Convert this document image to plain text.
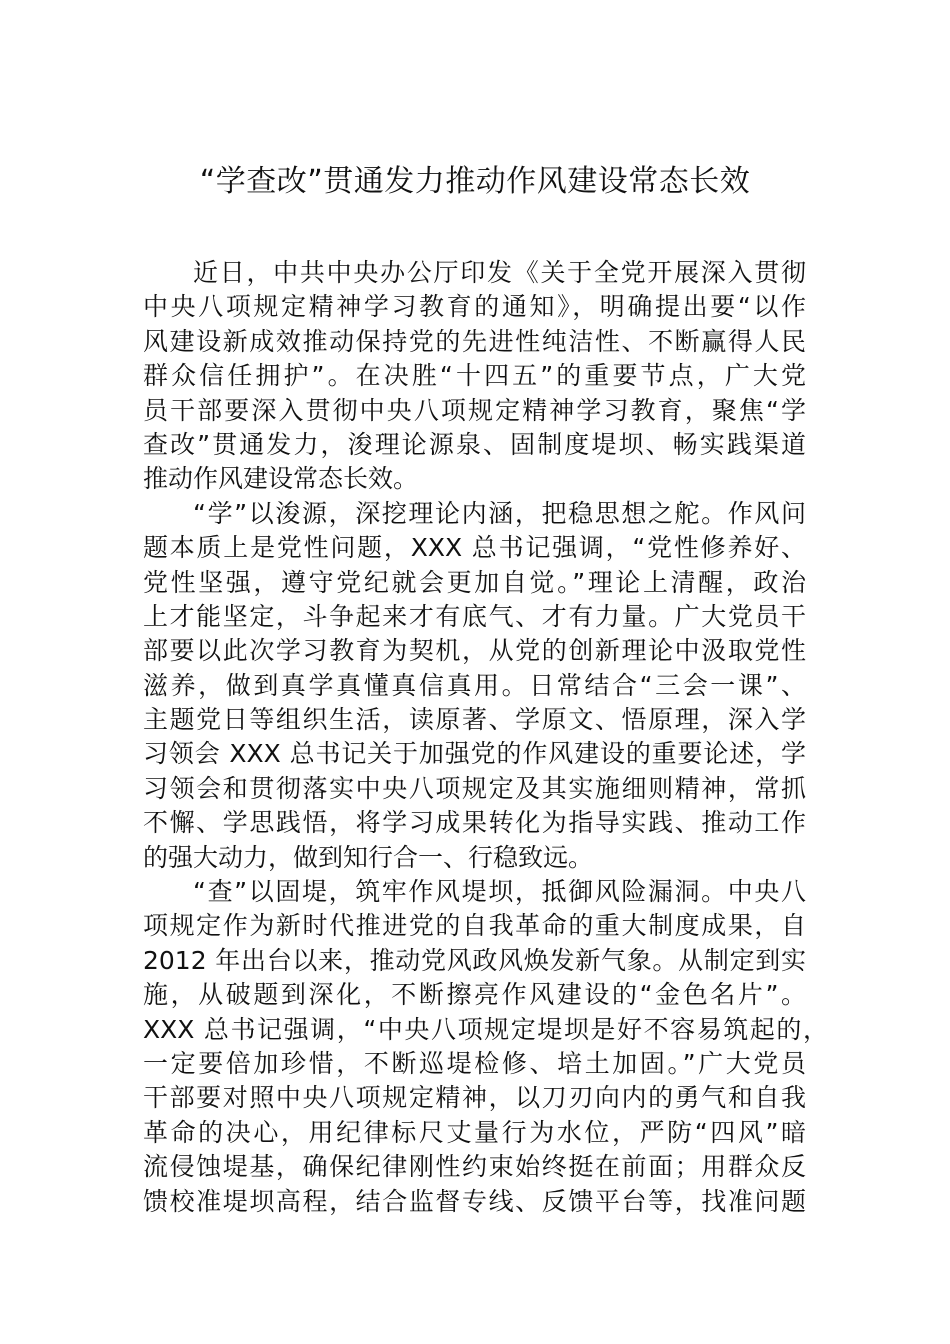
“学查改”贯通发力推动作风建设常态长效
近日，中共中央办公厅印发《关于全党开展深入贯彻
中央八项规定精神学习教育的通知》，明确提出要“以作
风建设新成效推动保持党的先进性纯洁性、不断赢得人民
群众信任拥护”。在决胜“十四五”的重要节点，广大党
员干部要深入贯彻中央八项规定精神学习教育，聚焦“学
查改”贯通发力，浚理论源泉、固制度堤坝、畅实践渠道
推动作风建设常态长效。
“学”以浚源，深挖理论内涵，把稳思想之舵。作风问
题本质上是党性问题，XXX 总书记强调，“党性修养好、
党性坚强，遵守党纪就会更加自觉。”理论上清醒，政治
上才能坚定，斗争起来才有底气、才有力量。广大党员干
部要以此次学习教育为契机，从党的创新理论中汲取党性
滋养，做到真学真懂真信真用。日常结合“三会一课”、
主题党日等组织生活，读原著、学原文、悟原理，深入学
习领会 XXX 总书记关于加强党的作风建设的重要论述，学
习领会和贯彻落实中央八项规定及其实施细则精神，常抓
不懈、学思践悟，将学习成果转化为指导实践、推动工作
的强大动力，做到知行合一、行稳致远。
“查”以固堤，筑牢作风堤坝，抵御风险漏洞。中央八
项规定作为新时代推进党的自我革命的重大制度成果，自
2012 年出台以来，推动党风政风焕发新气象。从制定到实
施，从破题到深化，不断擦亮作风建设的“金色名片”。
XXX 总书记强调，“中央八项规定堤坝是好不容易筑起的，
一定要倍加珍惜，不断巡堤检修、培土加固。”广大党员
干部要对照中央八项规定精神，以刀刃向内的勇气和自我
革命的决心，用纪律标尺丈量行为水位，严防“四风”暗
流侵蚀堤基，确保纪律刚性约束始终挺在前面；用群众反
馈校准堤坝高程，结合监督专线、反馈平台等，找准问题
